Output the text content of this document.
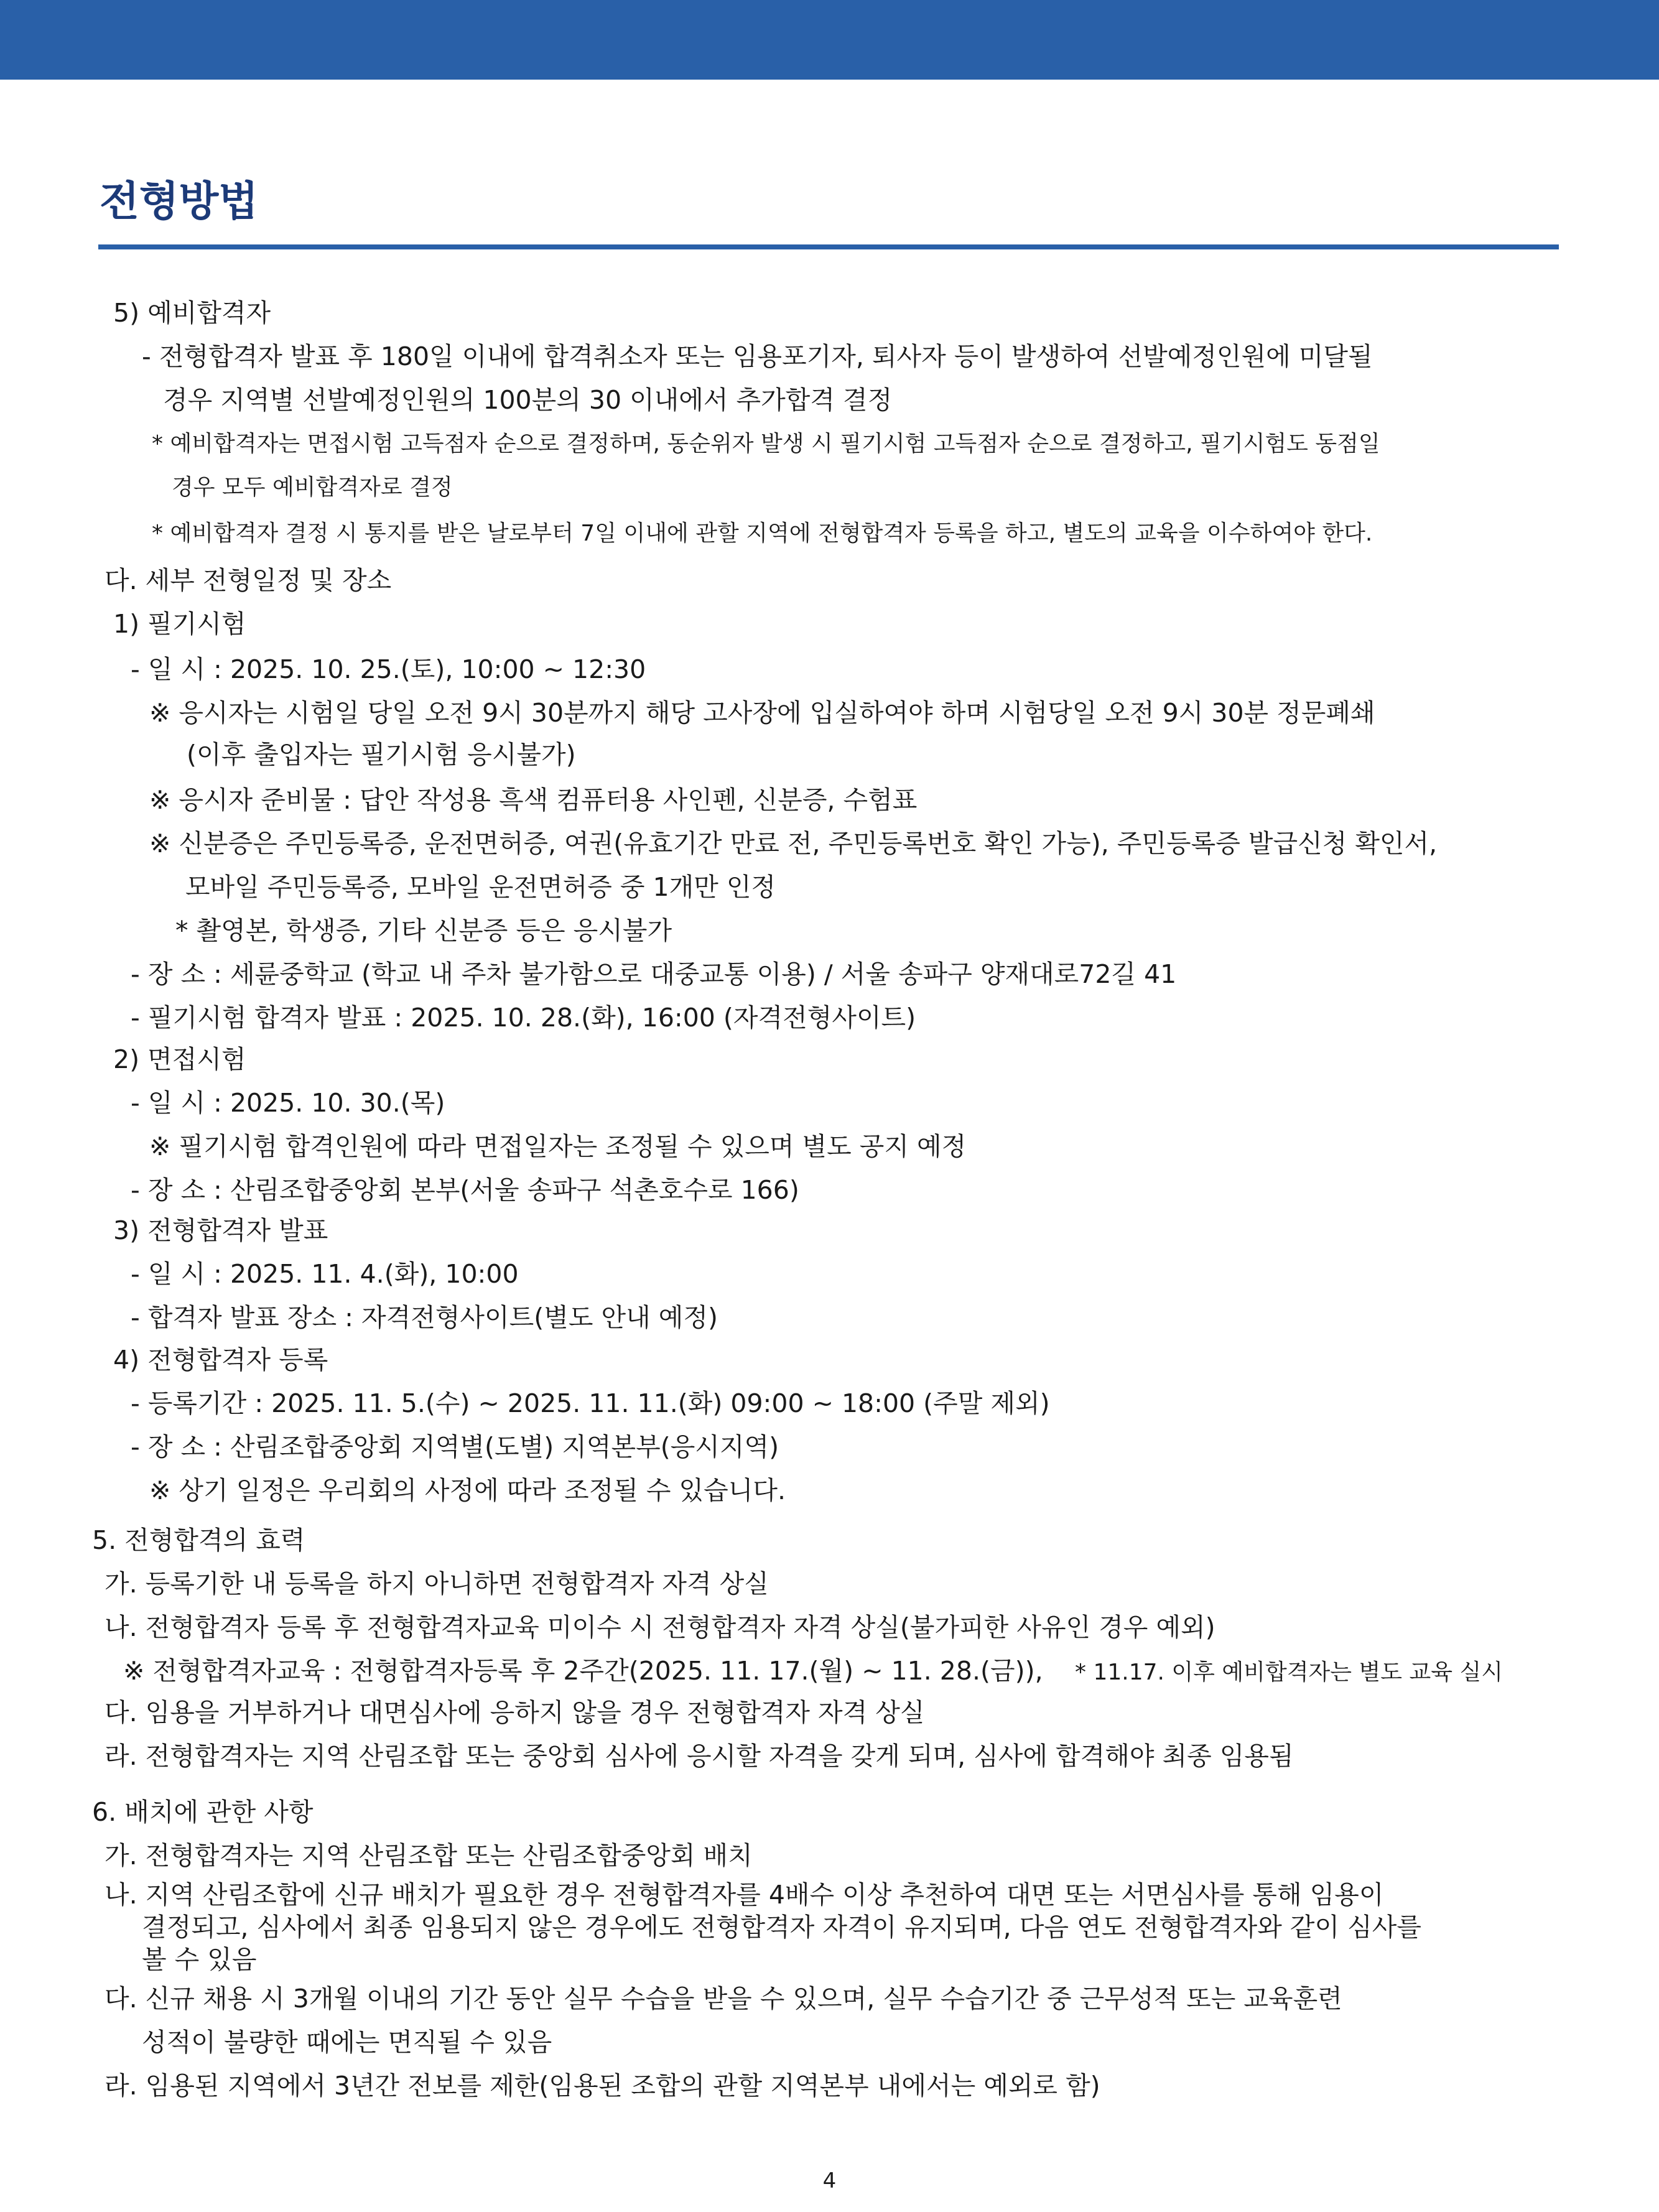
전형방법
5) 예비합격자
- 전형합격자 발표 후 180일 이내에 합격취소자 또는 임용포기자, 퇴사자 등이 발생하여 선발예정인원에 미달될
경우 지역별 선발예정인원의 100분의 30 이내에서 추가합격 결정
* 예비합격자는 면접시험 고득점자 순으로 결정하며, 동순위자 발생 시 필기시험 고득점자 순으로 결정하고, 필기시험도 동점일
경우 모두 예비합격자로 결정
* 예비합격자 결정 시 통지를 받은 날로부터 7일 이내에 관할 지역에 전형합격자 등록을 하고, 별도의 교육을 이수하여야 한다.
다. 세부 전형일정 및 장소
1) 필기시험
- 일 시 : 2025. 10. 25.(토), 10:00 ~ 12:30
※ 응시자는 시험일 당일 오전 9시 30분까지 해당 고사장에 입실하여야 하며 시험당일 오전 9시 30분 정문폐쇄
(이후 출입자는 필기시험 응시불가)
※ 응시자 준비물 : 답안 작성용 흑색 컴퓨터용 사인펜, 신분증, 수험표
※ 신분증은 주민등록증, 운전면허증, 여권(유효기간 만료 전, 주민등록번호 확인 가능), 주민등록증 발급신청 확인서,
모바일 주민등록증, 모바일 운전면허증 중 1개만 인정
* 촬영본, 학생증, 기타 신분증 등은 응시불가
- 장 소 : 세륜중학교 (학교 내 주차 불가함으로 대중교통 이용) / 서울 송파구 양재대로72길 41
- 필기시험 합격자 발표 : 2025. 10. 28.(화), 16:00 (자격전형사이트)
2) 면접시험
- 일 시 : 2025. 10. 30.(목)
※ 필기시험 합격인원에 따라 면접일자는 조정될 수 있으며 별도 공지 예정
- 장 소 : 산림조합중앙회 본부(서울 송파구 석촌호수로 166)
3) 전형합격자 발표
- 일 시 : 2025. 11. 4.(화), 10:00
- 합격자 발표 장소 : 자격전형사이트(별도 안내 예정)
4) 전형합격자 등록
- 등록기간 : 2025. 11. 5.(수) ~ 2025. 11. 11.(화) 09:00 ~ 18:00 (주말 제외)
- 장 소 : 산림조합중앙회 지역별(도별) 지역본부(응시지역)
※ 상기 일정은 우리회의 사정에 따라 조정될 수 있습니다.
5. 전형합격의 효력
가. 등록기한 내 등록을 하지 아니하면 전형합격자 자격 상실
나. 전형합격자 등록 후 전형합격자교육 미이수 시 전형합격자 자격 상실(불가피한 사유인 경우 예외)
※ 전형합격자교육 : 전형합격자등록 후 2주간(2025. 11. 17.(월) ~ 11. 28.(금)), * 11.17. 이후 예비합격자는 별도 교육 실시
다. 임용을 거부하거나 대면심사에 응하지 않을 경우 전형합격자 자격 상실
라. 전형합격자는 지역 산림조합 또는 중앙회 심사에 응시할 자격을 갖게 되며, 심사에 합격해야 최종 임용됨
6. 배치에 관한 사항
가. 전형합격자는 지역 산림조합 또는 산림조합중앙회 배치
나. 지역 산림조합에 신규 배치가 필요한 경우 전형합격자를 4배수 이상 추천하여 대면 또는 서면심사를 통해 임용이
결정되고, 심사에서 최종 임용되지 않은 경우에도 전형합격자 자격이 유지되며, 다음 연도 전형합격자와 같이 심사를
볼 수 있음
다. 신규 채용 시 3개월 이내의 기간 동안 실무 수습을 받을 수 있으며, 실무 수습기간 중 근무성적 또는 교육훈련
성적이 불량한 때에는 면직될 수 있음
라. 임용된 지역에서 3년간 전보를 제한(임용된 조합의 관할 지역본부 내에서는 예외로 함)
4
